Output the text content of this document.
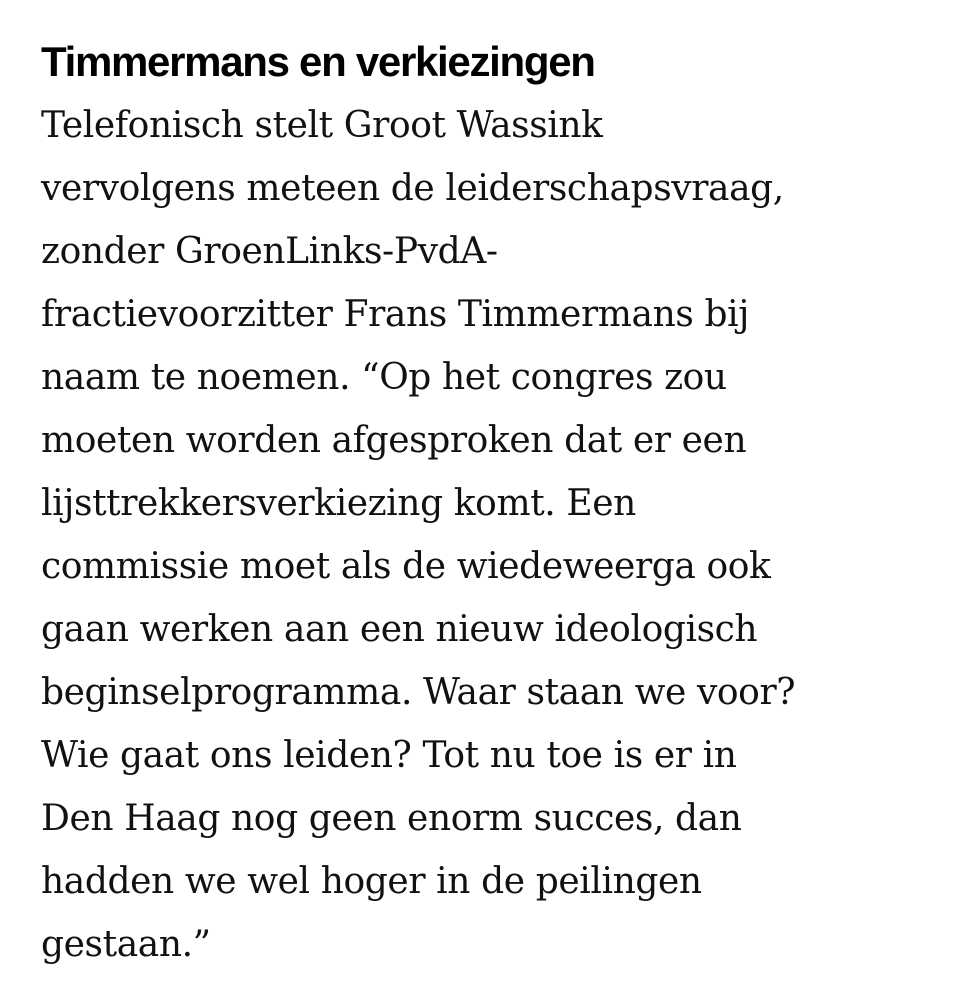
Timmermans en verkiezingen

Telefonisch stelt Groot Wassink
vervolgens meteen de leiderschapsvraag,
zonder GroenLinks-PvdA-
fractievoorzitter Frans Timmermans bij
naam te noemen. “Op het congres zou
moeten worden afgesproken dat er een
lijsttrekkersverkiezing komt. Een
commissie moet als de wiedeweerga ook
gaan werken aan een nieuw ideologisch
beginselprogramma. Waar staan we voor?
Wie gaat ons leiden? Tot nu toe is er in
Den Haag nog geen enorm succes, dan
hadden we wel hoger in de peilingen
gestaan.”
